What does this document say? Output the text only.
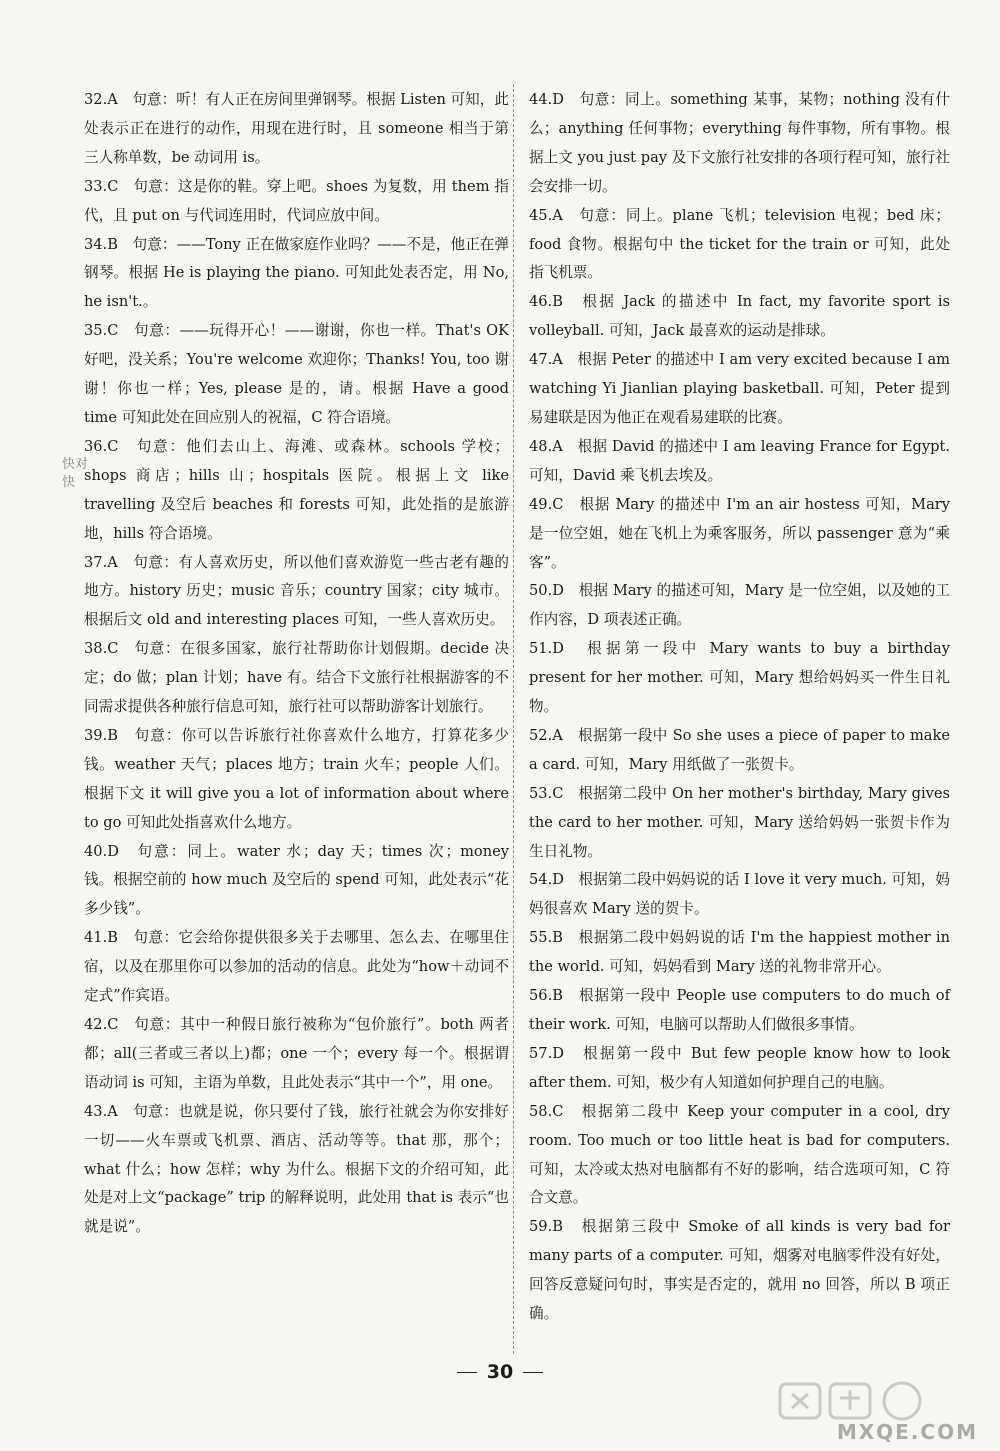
32.A　句意：听！有人正在房间里弹钢琴。根据 Listen 可知，此处表示正在进行的动作，用现在进行时，且 someone 相当于第三人称单数，be 动词用 is。

33.C　句意：这是你的鞋。穿上吧。shoes 为复数，用 them 指代，且 put on 与代词连用时，代词应放中间。

34.B　句意：——Tony 正在做家庭作业吗？——不是，他正在弹钢琴。根据 He is playing the piano. 可知此处表否定，用 No, he isn't.。

35.C　句意：——玩得开心！——谢谢，你也一样。That's OK 好吧，没关系；You're welcome 欢迎你；Thanks! You, too 谢谢！你也一样；Yes, please 是的，请。根据 Have a good time 可知此处在回应别人的祝福，C 符合语境。

36.C　句意：他们去山上、海滩、或森林。schools 学校；shops 商店；hills 山；hospitals 医院。根据上文 like travelling 及空后 beaches 和 forests 可知，此处指的是旅游地，hills 符合语境。

37.A　句意：有人喜欢历史，所以他们喜欢游览一些古老有趣的地方。history 历史；music 音乐；country 国家；city 城市。根据后文 old and interesting places 可知，一些人喜欢历史。

38.C　句意：在很多国家，旅行社帮助你计划假期。decide 决定；do 做；plan 计划；have 有。结合下文旅行社根据游客的不同需求提供各种旅行信息可知，旅行社可以帮助游客计划旅行。

39.B　句意：你可以告诉旅行社你喜欢什么地方，打算花多少钱。weather 天气；places 地方；train 火车；people 人们。根据下文 it will give you a lot of information about where to go 可知此处指喜欢什么地方。

40.D　句意：同上。water 水；day 天；times 次；money 钱。根据空前的 how much 及空后的 spend 可知，此处表示“花多少钱”。

41.B　句意：它会给你提供很多关于去哪里、怎么去、在哪里住宿，以及在那里你可以参加的活动的信息。此处为“how＋动词不定式”作宾语。

42.C　句意：其中一种假日旅行被称为“包价旅行”。both 两者都；all(三者或三者以上)都；one 一个；every 每一个。根据谓语动词 is 可知，主语为单数，且此处表示“其中一个”，用 one。

43.A　句意：也就是说，你只要付了钱，旅行社就会为你安排好一切——火车票或飞机票、酒店、活动等等。that 那，那个；what 什么；how 怎样；why 为什么。根据下文的介绍可知，此处是对上文“package” trip 的解释说明，此处用 that is 表示“也就是说”。

44.D　句意：同上。something 某事，某物；nothing 没有什么；anything 任何事物；everything 每件事物，所有事物。根据上文 you just pay 及下文旅行社安排的各项行程可知，旅行社会安排一切。

45.A　句意：同上。plane 飞机；television 电视；bed 床；food 食物。根据句中 the ticket for the train or 可知，此处指飞机票。

46.B　根据 Jack 的描述中 In fact, my favorite sport is volleyball. 可知，Jack 最喜欢的运动是排球。

47.A　根据 Peter 的描述中 I am very excited because I am watching Yi Jianlian playing basketball. 可知，Peter 提到易建联是因为他正在观看易建联的比赛。

48.A　根据 David 的描述中 I am leaving France for Egypt. 可知，David 乘飞机去埃及。

49.C　根据 Mary 的描述中 I'm an air hostess 可知，Mary 是一位空姐，她在飞机上为乘客服务，所以 passenger 意为“乘客”。

50.D　根据 Mary 的描述可知，Mary 是一位空姐，以及她的工作内容，D 项表述正确。

51.D　根据第一段中 Mary wants to buy a birthday present for her mother. 可知，Mary 想给妈妈买一件生日礼物。

52.A　根据第一段中 So she uses a piece of paper to make a card. 可知，Mary 用纸做了一张贺卡。

53.C　根据第二段中 On her mother's birthday, Mary gives the card to her mother. 可知，Mary 送给妈妈一张贺卡作为生日礼物。

54.D　根据第二段中妈妈说的话 I love it very much. 可知，妈妈很喜欢 Mary 送的贺卡。

55.B　根据第二段中妈妈说的话 I'm the happiest mother in the world. 可知，妈妈看到 Mary 送的礼物非常开心。

56.B　根据第一段中 People use computers to do much of their work. 可知，电脑可以帮助人们做很多事情。

57.D　根据第一段中 But few people know how to look after them. 可知，极少有人知道如何护理自己的电脑。

58.C　根据第二段中 Keep your computer in a cool, dry room. Too much or too little heat is bad for computers. 可知，太冷或太热对电脑都有不好的影响，结合选项可知，C 符合文意。

59.B　根据第三段中 Smoke of all kinds is very bad for many parts of a computer. 可知，烟雾对电脑零件没有好处，回答反意疑问句时，事实是否定的，就用 no 回答，所以 B 项正确。

快对 快
30
MXQE.COM
